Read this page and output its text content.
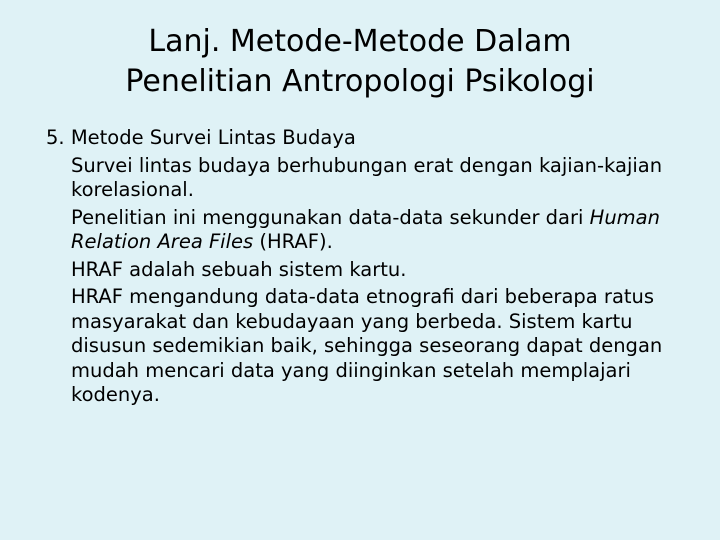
Lanj. Metode-Metode Dalam
Penelitian Antropologi Psikologi
5. Metode Survei Lintas Budaya
Survei lintas budaya berhubungan erat dengan kajian-kajian korelasional.
Penelitian ini menggunakan data-data sekunder dari Human Relation Area Files (HRAF).
HRAF adalah sebuah sistem kartu.
HRAF mengandung data-data etnografi dari beberapa ratus masyarakat dan kebudayaan yang berbeda. Sistem kartu disusun sedemikian baik, sehingga seseorang dapat dengan mudah mencari data yang diinginkan setelah memplajari kodenya.
